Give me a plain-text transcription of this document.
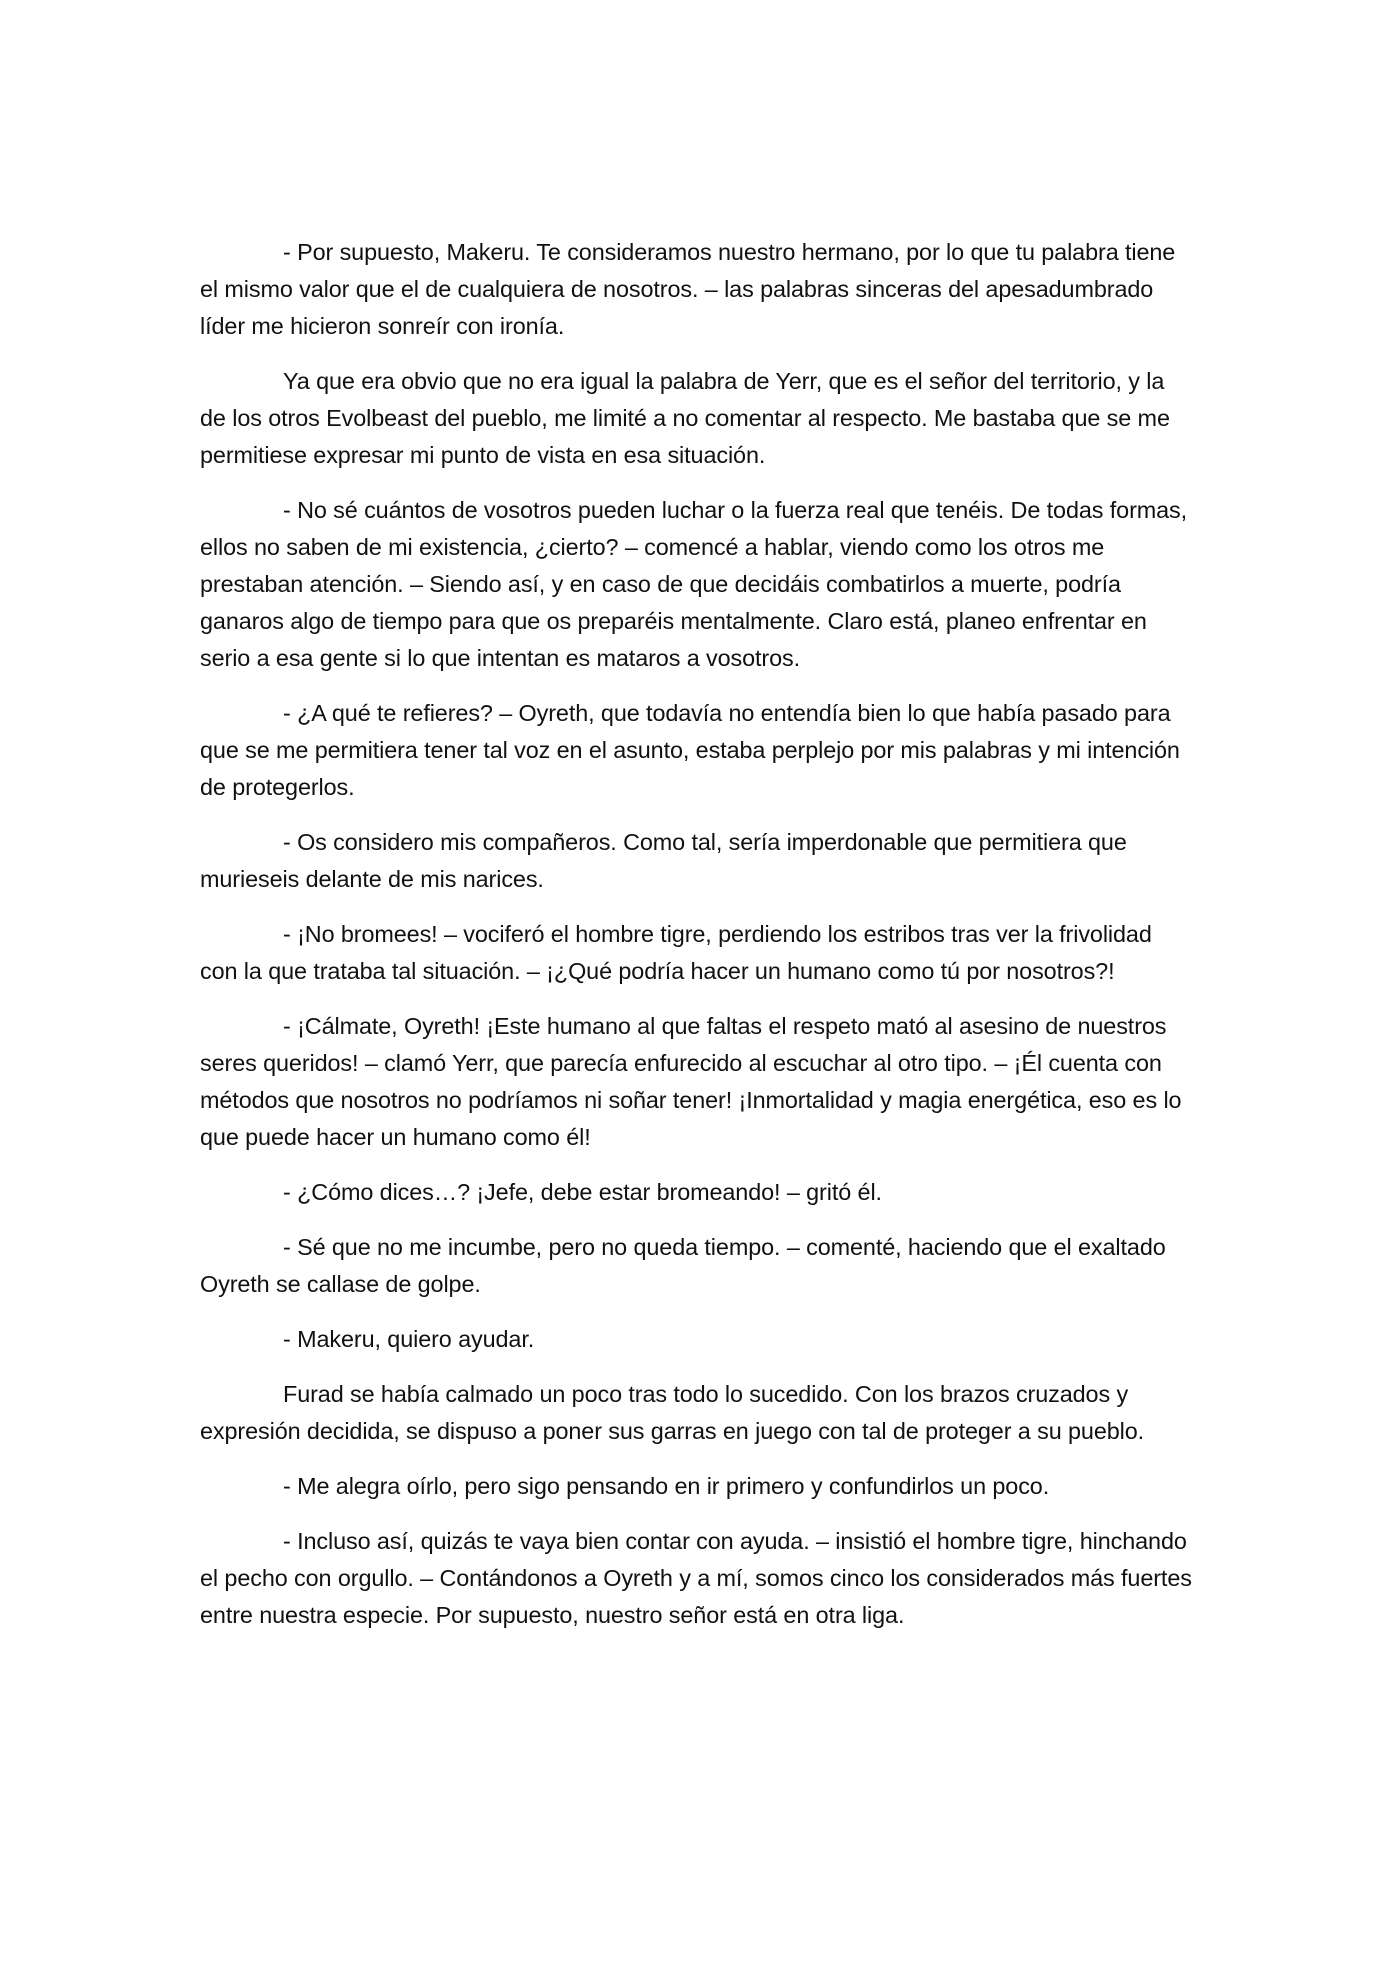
- Por supuesto, Makeru. Te consideramos nuestro hermano, por lo que tu palabra tiene el mismo valor que el de cualquiera de nosotros. – las palabras sinceras del apesadumbrado líder me hicieron sonreír con ironía.

Ya que era obvio que no era igual la palabra de Yerr, que es el señor del territorio, y la de los otros Evolbeast del pueblo, me limité a no comentar al respecto. Me bastaba que se me permitiese expresar mi punto de vista en esa situación.

- No sé cuántos de vosotros pueden luchar o la fuerza real que tenéis. De todas formas, ellos no saben de mi existencia, ¿cierto? – comencé a hablar, viendo como los otros me prestaban atención. – Siendo así, y en caso de que decidáis combatirlos a muerte, podría ganaros algo de tiempo para que os preparéis mentalmente. Claro está, planeo enfrentar en serio a esa gente si lo que intentan es mataros a vosotros.

- ¿A qué te refieres? – Oyreth, que todavía no entendía bien lo que había pasado para que se me permitiera tener tal voz en el asunto, estaba perplejo por mis palabras y mi intención de protegerlos.

- Os considero mis compañeros. Como tal, sería imperdonable que permitiera que murieseis delante de mis narices.

- ¡No bromees! – vociferó el hombre tigre, perdiendo los estribos tras ver la frivolidad con la que trataba tal situación. – ¡¿Qué podría hacer un humano como tú por nosotros?!

- ¡Cálmate, Oyreth! ¡Este humano al que faltas el respeto mató al asesino de nuestros seres queridos! – clamó Yerr, que parecía enfurecido al escuchar al otro tipo. – ¡Él cuenta con métodos que nosotros no podríamos ni soñar tener! ¡Inmortalidad y magia energética, eso es lo que puede hacer un humano como él!

- ¿Cómo dices…? ¡Jefe, debe estar bromeando! – gritó él.

- Sé que no me incumbe, pero no queda tiempo. – comenté, haciendo que el exaltado Oyreth se callase de golpe.

- Makeru, quiero ayudar.

Furad se había calmado un poco tras todo lo sucedido. Con los brazos cruzados y expresión decidida, se dispuso a poner sus garras en juego con tal de proteger a su pueblo.

- Me alegra oírlo, pero sigo pensando en ir primero y confundirlos un poco.

- Incluso así, quizás te vaya bien contar con ayuda. – insistió el hombre tigre, hinchando el pecho con orgullo. – Contándonos a Oyreth y a mí, somos cinco los considerados más fuertes entre nuestra especie. Por supuesto, nuestro señor está en otra liga.
